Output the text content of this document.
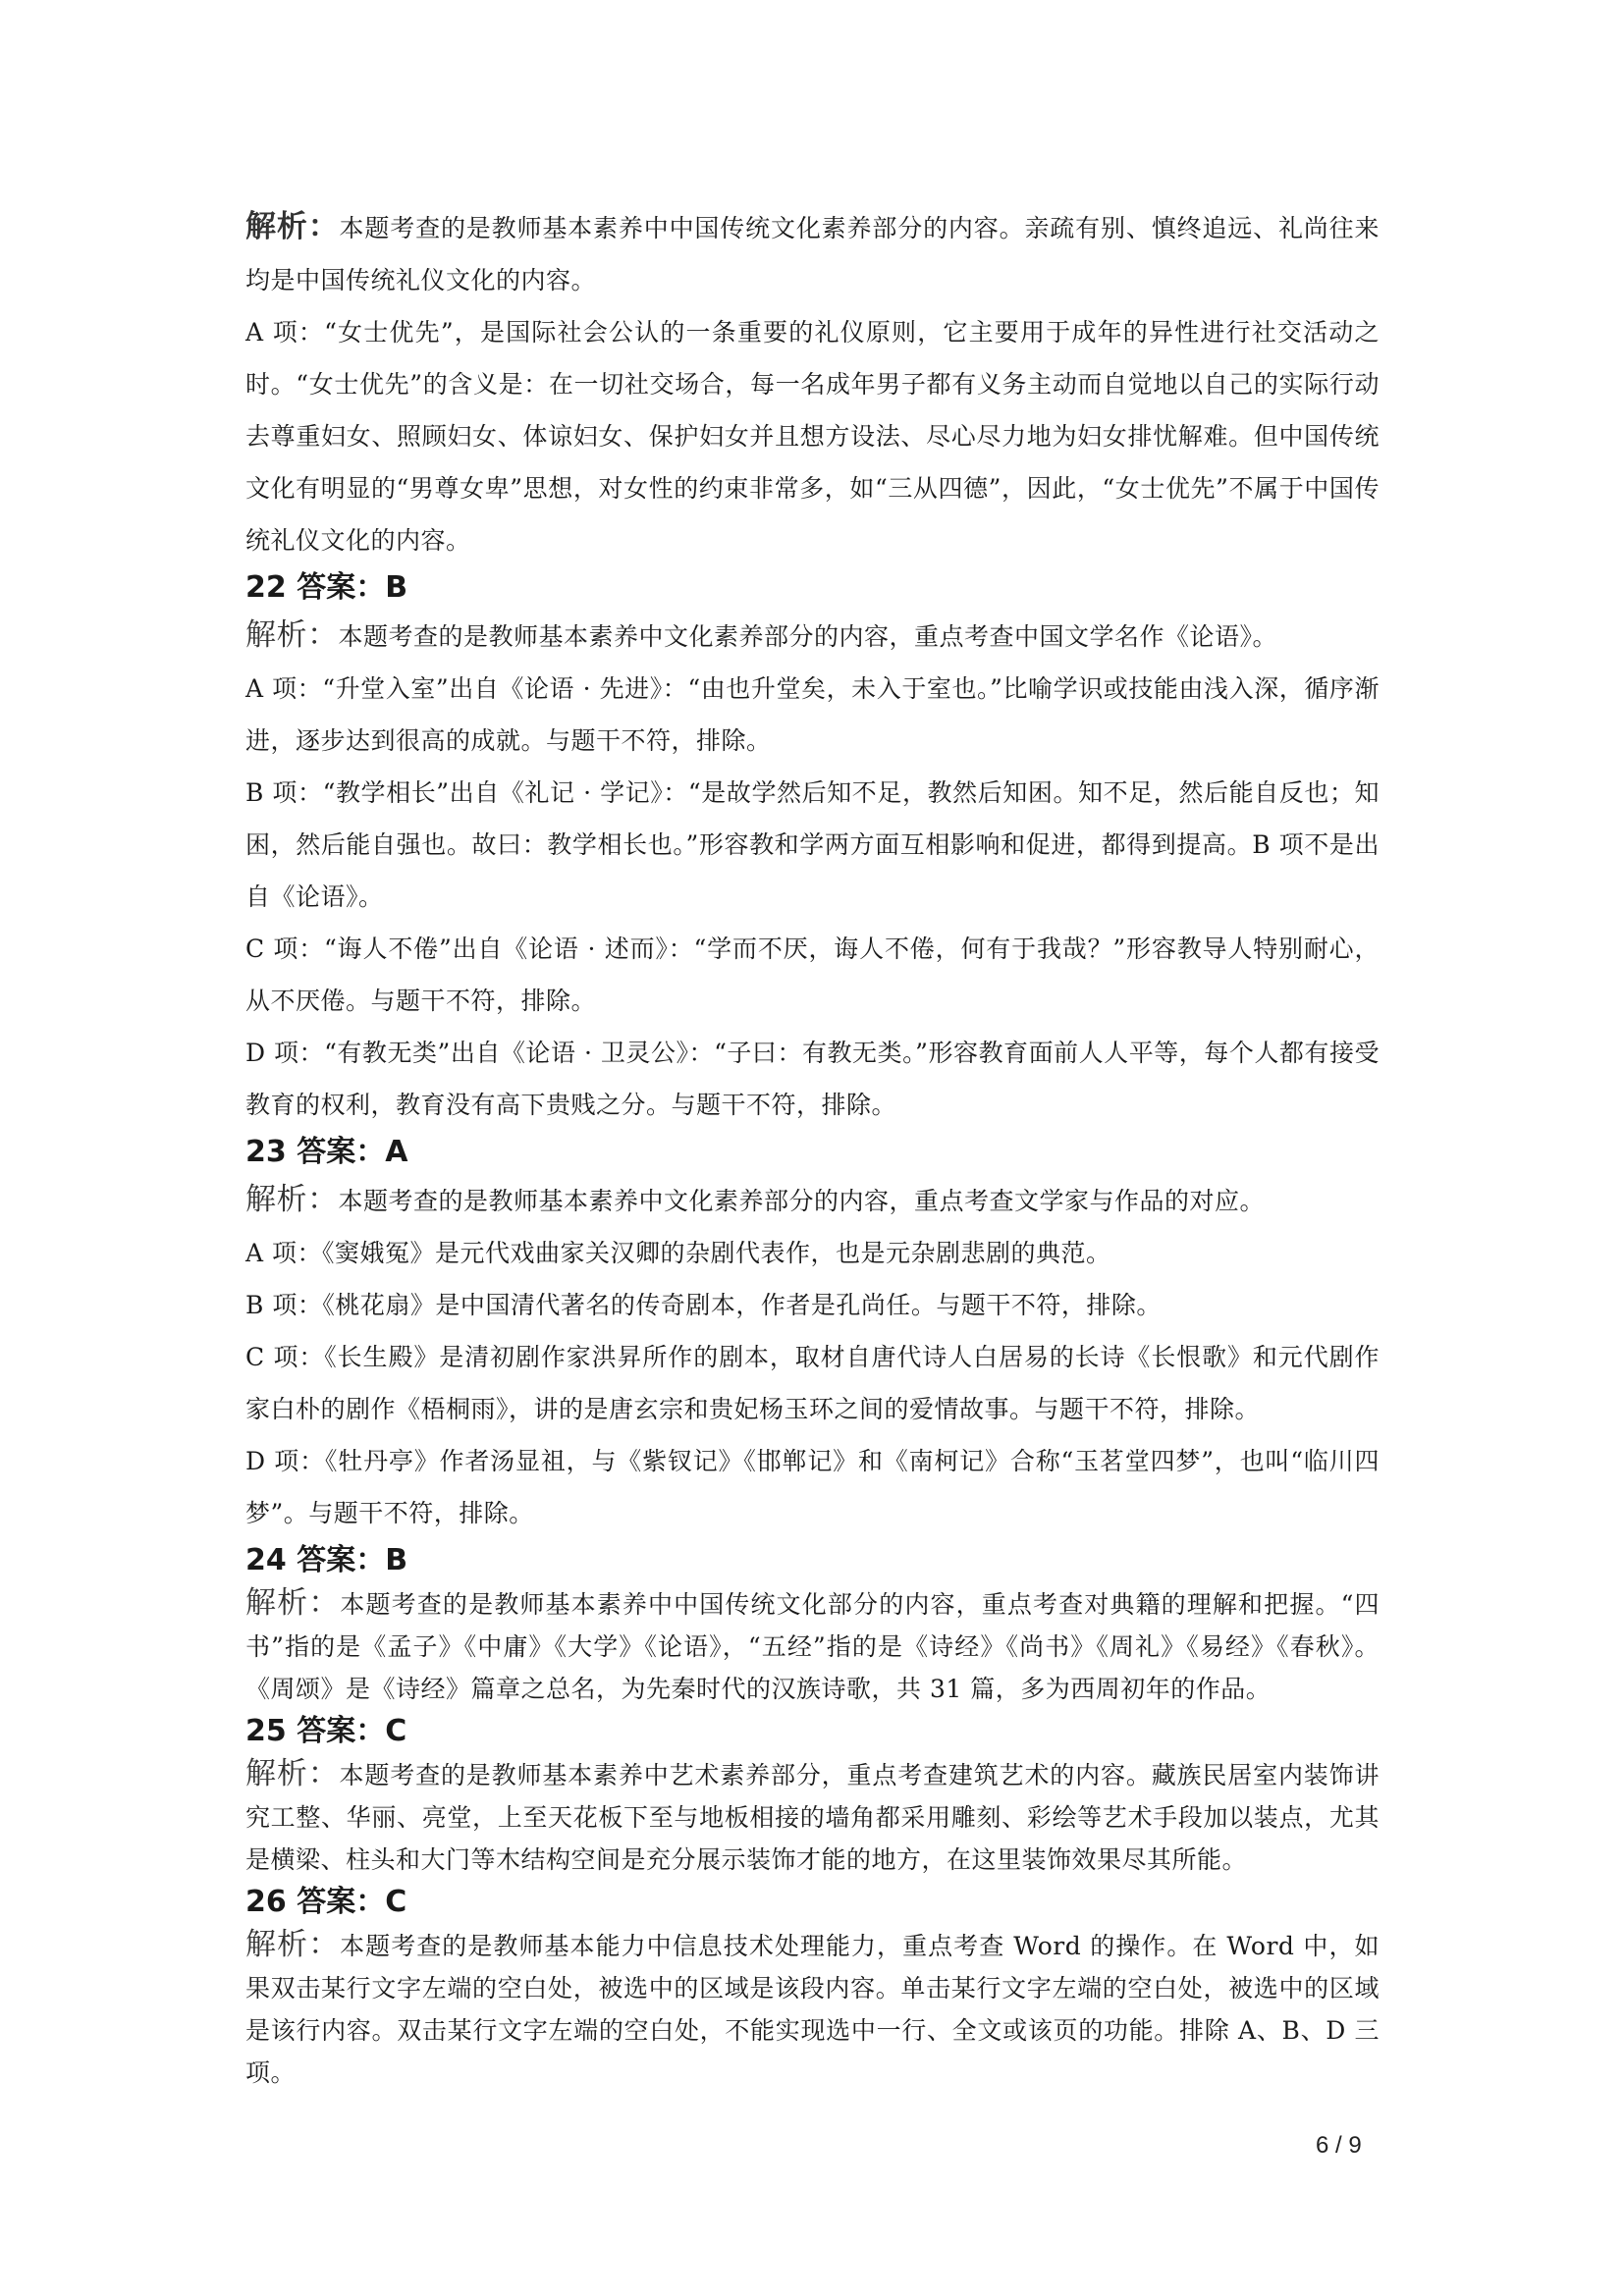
解析：本题考查的是教师基本素养中中国传统文化素养部分的内容。亲疏有别、慎终追远、礼尚往来均是中国传统礼仪文化的内容。

A 项：“女士优先”，是国际社会公认的一条重要的礼仪原则，它主要用于成年的异性进行社交活动之时。“女士优先”的含义是：在一切社交场合，每一名成年男子都有义务主动而自觉地以自己的实际行动去尊重妇女、照顾妇女、体谅妇女、保护妇女并且想方设法、尽心尽力地为妇女排忧解难。但中国传统文化有明显的“男尊女卑”思想，对女性的约束非常多，如“三从四德”，因此，“女士优先”不属于中国传统礼仪文化的内容。

22 答案：B

解析：本题考查的是教师基本素养中文化素养部分的内容，重点考查中国文学名作《论语》。

A 项：“升堂入室”出自《论语 · 先进》：“由也升堂矣，未入于室也。”比喻学识或技能由浅入深，循序渐进，逐步达到很高的成就。与题干不符，排除。

B 项：“教学相长”出自《礼记 · 学记》：“是故学然后知不足，教然后知困。知不足，然后能自反也；知困，然后能自强也。故曰：教学相长也。”形容教和学两方面互相影响和促进，都得到提高。B 项不是出自《论语》。

C 项：“诲人不倦”出自《论语 · 述而》：“学而不厌，诲人不倦，何有于我哉？”形容教导人特别耐心，从不厌倦。与题干不符，排除。

D 项：“有教无类”出自《论语 · 卫灵公》：“子曰：有教无类。”形容教育面前人人平等，每个人都有接受教育的权利，教育没有高下贵贱之分。与题干不符，排除。

23 答案：A

解析：本题考查的是教师基本素养中文化素养部分的内容，重点考查文学家与作品的对应。

A 项：《窦娥冤》是元代戏曲家关汉卿的杂剧代表作，也是元杂剧悲剧的典范。

B 项：《桃花扇》是中国清代著名的传奇剧本，作者是孔尚任。与题干不符，排除。

C 项：《长生殿》是清初剧作家洪昇所作的剧本，取材自唐代诗人白居易的长诗《长恨歌》和元代剧作家白朴的剧作《梧桐雨》，讲的是唐玄宗和贵妃杨玉环之间的爱情故事。与题干不符，排除。

D 项：《牡丹亭》作者汤显祖，与《紫钗记》《邯郸记》和《南柯记》合称“玉茗堂四梦”，也叫“临川四梦”。与题干不符，排除。

24 答案：B

解析：本题考查的是教师基本素养中中国传统文化部分的内容，重点考查对典籍的理解和把握。“四书”指的是《孟子》《中庸》《大学》《论语》，“五经”指的是《诗经》《尚书》《周礼》《易经》《春秋》。《周颂》是《诗经》篇章之总名，为先秦时代的汉族诗歌，共 31 篇，多为西周初年的作品。

25 答案：C

解析：本题考查的是教师基本素养中艺术素养部分，重点考查建筑艺术的内容。藏族民居室内装饰讲究工整、华丽、亮堂，上至天花板下至与地板相接的墙角都采用雕刻、彩绘等艺术手段加以装点，尤其是横梁、柱头和大门等木结构空间是充分展示装饰才能的地方，在这里装饰效果尽其所能。

26 答案：C

解析：本题考查的是教师基本能力中信息技术处理能力，重点考查 Word 的操作。在 Word 中，如果双击某行文字左端的空白处，被选中的区域是该段内容。单击某行文字左端的空白处，被选中的区域是该行内容。双击某行文字左端的空白处，不能实现选中一行、全文或该页的功能。排除 A、B、D 三项。

6 / 9
